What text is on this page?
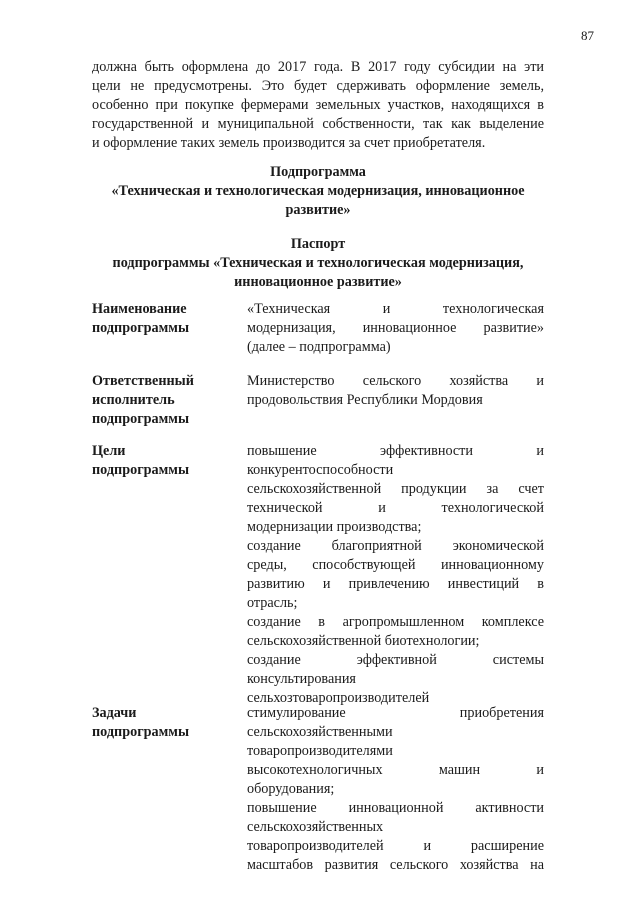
87

должна быть оформлена до 2017 года. В 2017 году субсидии на эти

цели не предусмотрены. Это будет сдерживать оформление земель,

особенно при покупке фермерами земельных участков, находящихся в

государственной и муниципальной собственности, так как выделение

и оформление таких земель производится за счет приобретателя.

Подпрограмма
«Техническая и технологическая модернизация, инновационное
развитие»
Паспорт
подпрограммы «Техническая и технологическая модернизация,
инновационное развитие»
Наименование
подпрограммы
«Техническая и технологическая
модернизация, инновационное развитие»
(далее – подпрограмма)
Ответственный
исполнитель
подпрограммы
Министерство сельского хозяйства и
продовольствия Республики Мордовия
Цели
подпрограммы
повышение эффективности и
конкурентоспособности
сельскохозяйственной продукции за счет
технической и технологической
модернизации производства;
создание благоприятной экономической
среды, способствующей инновационному
развитию и привлечению инвестиций в
отрасль;
создание в агропромышленном комплексе
сельскохозяйственной биотехнологии;
создание эффективной системы
консультирования
сельхозтоваропроизводителей
Задачи
подпрограммы
стимулирование приобретения
сельскохозяйственными
товаропроизводителями
высокотехнологичных машин и
оборудования;
повышение инновационной активности
сельскохозяйственных
товаропроизводителей и расширение
масштабов развития сельского хозяйства на
